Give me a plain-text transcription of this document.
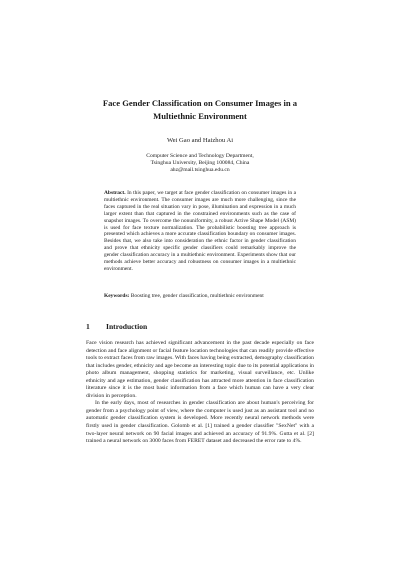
Face Gender Classification on Consumer Images in a
Multiethnic Environment
Wei Gao and Haizhou Ai
Computer Science and Technology Department,
Tsinghua University, Beijing 100084, China
ahz@mail.tsinghua.edu.cn
Abstract. In this paper, we target at face gender classification on consumer images in a multiethnic environment. The consumer images are much more challenging, since the faces captured in the real situation vary in pose, illumination and expression in a much larger extent than that captured in the constrained environments such as the case of snapshot images. To overcome the nonuniformity, a robust Active Shape Model (ASM) is used for face texture normalization. The probabilistic boosting tree approach is presented which achieves a more accurate classification boundary on consumer images. Besides that, we also take into consideration the ethnic factor in gender classification and prove that ethnicity specific gender classifiers could remarkably improve the gender classification accuracy in a multiethnic environment. Experiments show that our methods achieve better accuracy and robustness on consumer images in a multiethnic environment.
Keywords: Boosting tree, gender classification, multiethnic environment
1 Introduction

Face vision research has achieved significant advancement in the past decade especially on face detection and face alignment or facial feature location technologies that can readily provide effective tools to extract faces from raw images. With faces having being extracted, demography classification that includes gender, ethnicity and age become an interesting topic due to its potential applications in photo album management, shopping statistics for marketing, visual surveillance, etc. Unlike ethnicity and age estimation, gender classification has attracted more attention in face classification literature since it is the most basic information from a face which human can have a very clear division in perception.

In the early days, most of researches in gender classification are about human's perceiving for gender from a psychology point of view, where the computer is used just as an assistant tool and no automatic gender classification system is developed. More recently neural network methods were firstly used in gender classification. Golomb et al. [1] trained a gender classifier "SexNet" with a two-layer neural network on 90 facial images and achieved an accuracy of 91.9%. Gutta et al. [2] trained a neural network on 3000 faces from FERET dataset and decreased the error rate to 4%.
